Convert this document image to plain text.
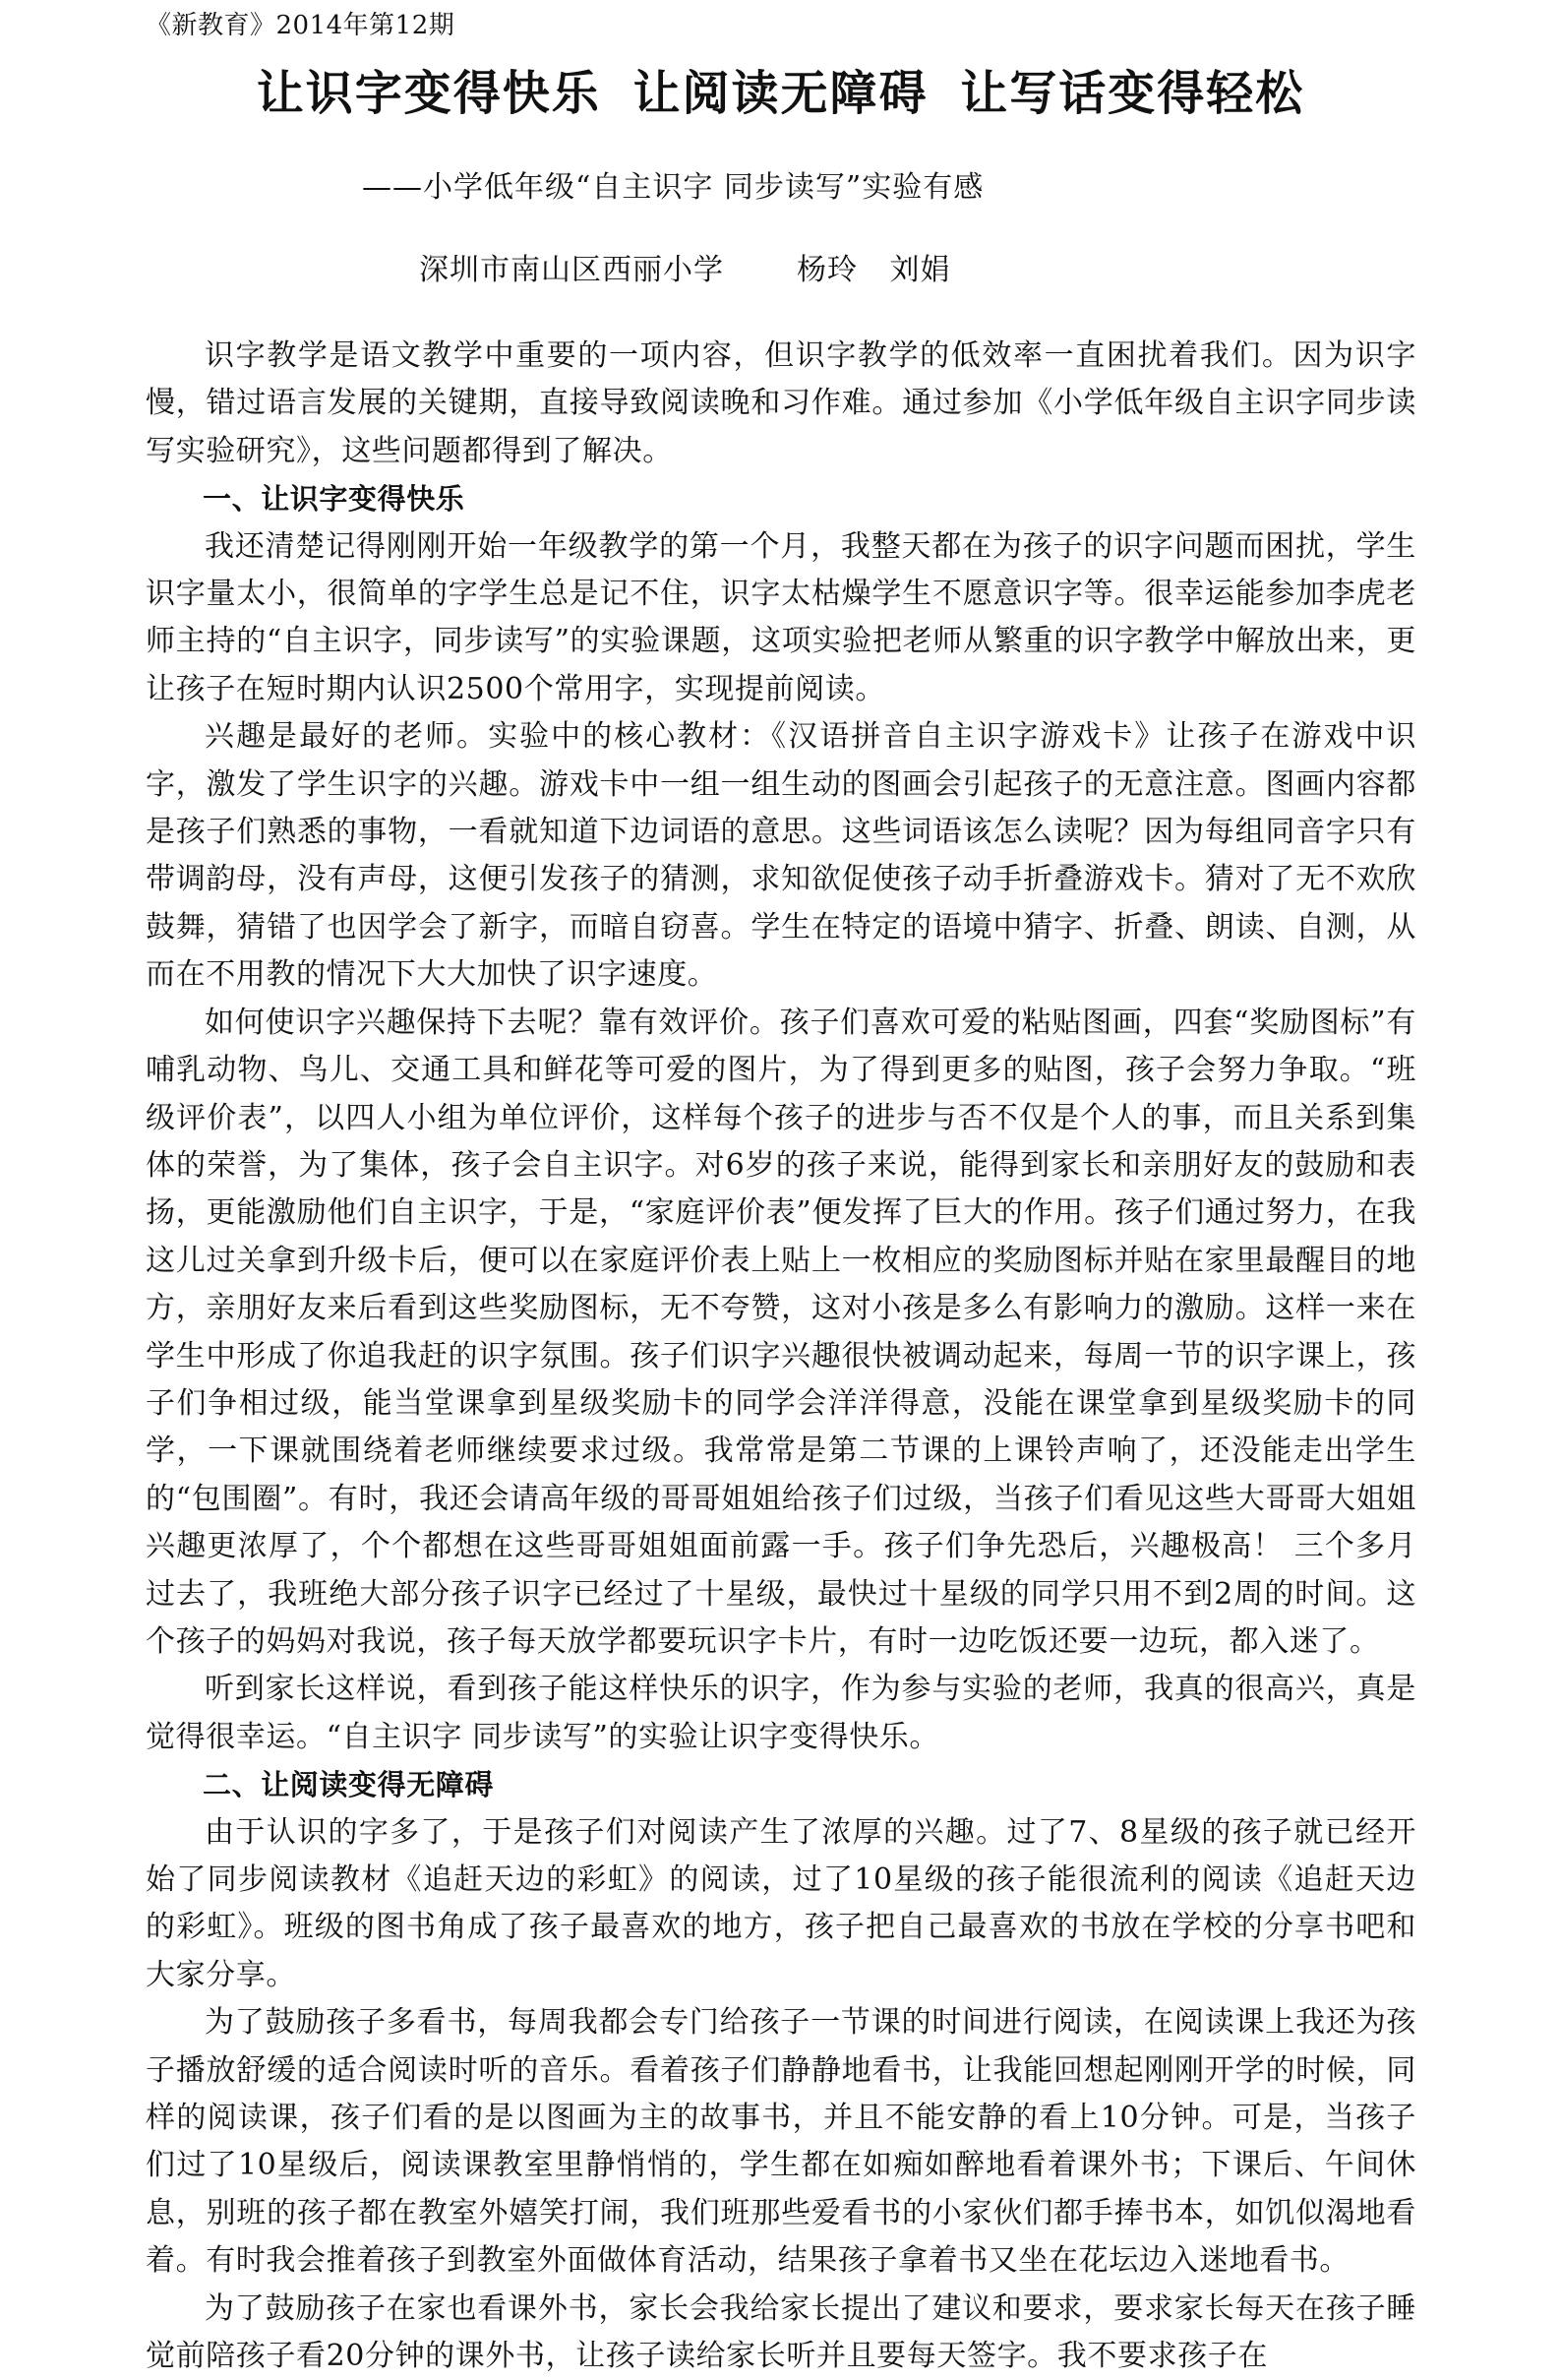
《新教育》2014年第12期
让识字变得快乐 让阅读无障碍 让写话变得轻松
——小学低年级“自主识字 同步读写”实验有感
深圳市南山区西丽小学 杨玲 刘娟

识字教学是语文教学中重要的一项内容，但识字教学的低效率一直困扰着我们。因为识字慢，错过语言发展的关键期，直接导致阅读晚和习作难。通过参加《小学低年级自主识字同步读写实验研究》，这些问题都得到了解决。

一、让识字变得快乐

我还清楚记得刚刚开始一年级教学的第一个月，我整天都在为孩子的识字问题而困扰，学生识字量太小，很简单的字学生总是记不住，识字太枯燥学生不愿意识字等。很幸运能参加李虎老师主持的“自主识字，同步读写”的实验课题，这项实验把老师从繁重的识字教学中解放出来，更让孩子在短时期内认识2500个常用字，实现提前阅读。

兴趣是最好的老师。实验中的核心教材：《汉语拼音自主识字游戏卡》让孩子在游戏中识字，激发了学生识字的兴趣。游戏卡中一组一组生动的图画会引起孩子的无意注意。图画内容都是孩子们熟悉的事物，一看就知道下边词语的意思。这些词语该怎么读呢？因为每组同音字只有带调韵母，没有声母，这便引发孩子的猜测，求知欲促使孩子动手折叠游戏卡。猜对了无不欢欣鼓舞，猜错了也因学会了新字，而暗自窃喜。学生在特定的语境中猜字、折叠、朗读、自测，从而在不用教的情况下大大加快了识字速度。

如何使识字兴趣保持下去呢？靠有效评价。孩子们喜欢可爱的粘贴图画，四套“奖励图标”有哺乳动物、鸟儿、交通工具和鲜花等可爱的图片，为了得到更多的贴图，孩子会努力争取。“班级评价表”，以四人小组为单位评价，这样每个孩子的进步与否不仅是个人的事，而且关系到集体的荣誉，为了集体，孩子会自主识字。对6岁的孩子来说，能得到家长和亲朋好友的鼓励和表扬，更能激励他们自主识字，于是，“家庭评价表”便发挥了巨大的作用。孩子们通过努力，在我这儿过关拿到升级卡后，便可以在家庭评价表上贴上一枚相应的奖励图标并贴在家里最醒目的地方，亲朋好友来后看到这些奖励图标，无不夸赞，这对小孩是多么有影响力的激励。这样一来在学生中形成了你追我赶的识字氛围。孩子们识字兴趣很快被调动起来，每周一节的识字课上，孩子们争相过级，能当堂课拿到星级奖励卡的同学会洋洋得意，没能在课堂拿到星级奖励卡的同学，一下课就围绕着老师继续要求过级。我常常是第二节课的上课铃声响了，还没能走出学生的“包围圈”。有时，我还会请高年级的哥哥姐姐给孩子们过级，当孩子们看见这些大哥哥大姐姐兴趣更浓厚了，个个都想在这些哥哥姐姐面前露一手。孩子们争先恐后，兴趣极高！ 三个多月过去了，我班绝大部分孩子识字已经过了十星级，最快过十星级的同学只用不到2周的时间。这个孩子的妈妈对我说，孩子每天放学都要玩识字卡片，有时一边吃饭还要一边玩，都入迷了。

听到家长这样说，看到孩子能这样快乐的识字，作为参与实验的老师，我真的很高兴，真是觉得很幸运。“自主识字 同步读写”的实验让识字变得快乐。

二、让阅读变得无障碍

由于认识的字多了，于是孩子们对阅读产生了浓厚的兴趣。过了7、8星级的孩子就已经开始了同步阅读教材《追赶天边的彩虹》的阅读，过了10星级的孩子能很流利的阅读《追赶天边的彩虹》。班级的图书角成了孩子最喜欢的地方，孩子把自己最喜欢的书放在学校的分享书吧和大家分享。

为了鼓励孩子多看书，每周我都会专门给孩子一节课的时间进行阅读，在阅读课上我还为孩子播放舒缓的适合阅读时听的音乐。看着孩子们静静地看书，让我能回想起刚刚开学的时候，同样的阅读课，孩子们看的是以图画为主的故事书，并且不能安静的看上10分钟。可是，当孩子们过了10星级后，阅读课教室里静悄悄的，学生都在如痴如醉地看着课外书；下课后、午间休息，别班的孩子都在教室外嬉笑打闹，我们班那些爱看书的小家伙们都手捧书本，如饥似渴地看着。有时我会推着孩子到教室外面做体育活动，结果孩子拿着书又坐在花坛边入迷地看书。

为了鼓励孩子在家也看课外书，家长会我给家长提出了建议和要求，要求家长每天在孩子睡觉前陪孩子看20分钟的课外书，让孩子读给家长听并且要每天签字。我不要求孩子在
